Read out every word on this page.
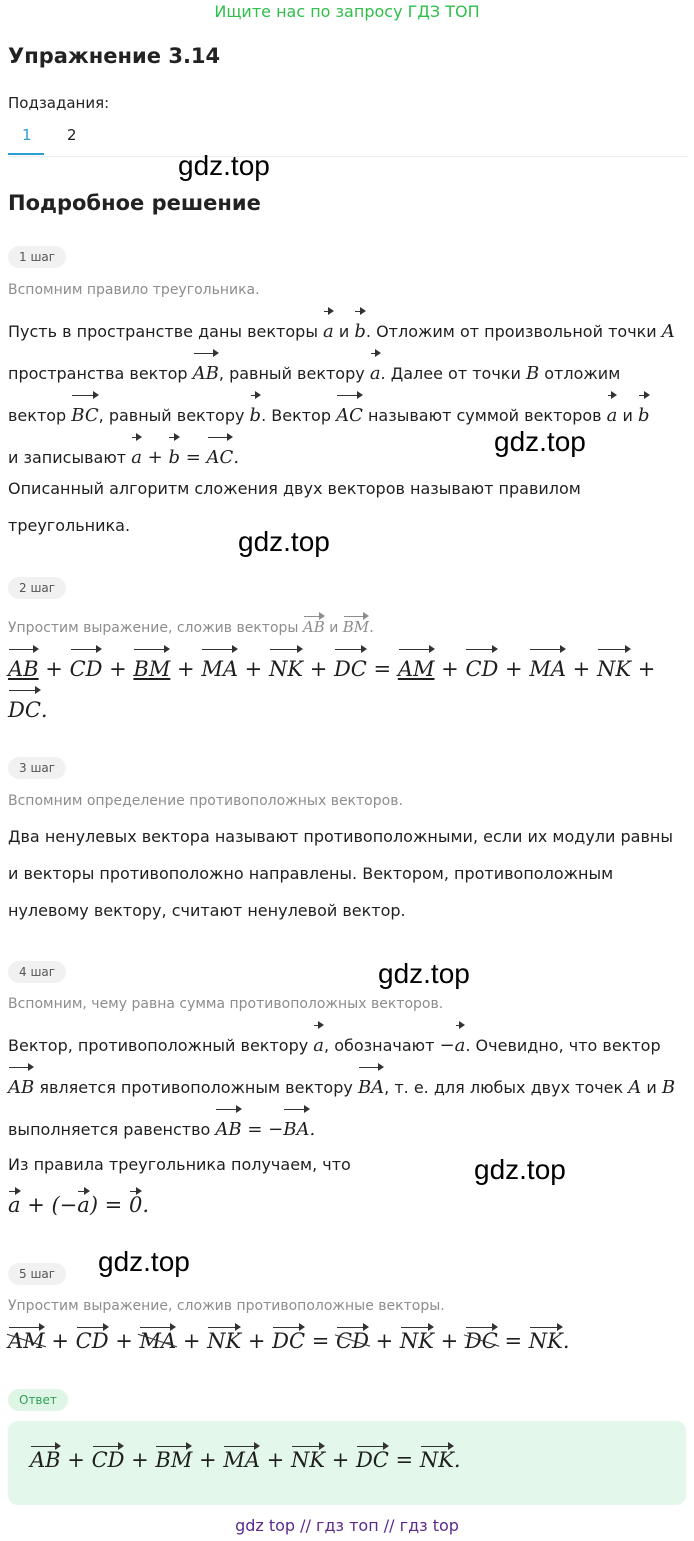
Ищите нас по запросу ГДЗ ТОП
Упражнение 3.14
Подзадания:
1 2
gdz.top
Подробное решение
1 шаг
Вспомним правило треугольника.
Пусть в пространстве даны векторы a и b. Отложим от произвольной точки A
пространства вектор AB, равный вектору a. Далее от точки B отложим
вектор BC, равный вектору b. Вектор AC называют суммой векторов a и b
и записывают a + b = AC.
gdz.top
Описанный алгоритм сложения двух векторов называют правилом
треугольника.
gdz.top
2 шаг
Упростим выражение, сложив векторы AB и BM.
AB + CD + BM + MA + NK + DC = AM + CD + MA + NK +
DC.
3 шаг
Вспомним определение противоположных векторов.
Два ненулевых вектора называют противоположными, если их модули равны
и векторы противоположно направлены. Вектором, противоположным
нулевому вектору, считают ненулевой вектор.
4 шаг	gdz.top
Вспомним, чему равна сумма противоположных векторов.
Вектор, противоположный вектору a, обозначают −a. Очевидно, что вектор
AB является противоположным вектору BA, т. е. для любых двух точек A и B
выполняется равенство AB = −BA.
Из правила треугольника получаем, что	gdz.top
a + (−a) = 0.
gdz.top
5 шаг
Упростим выражение, сложив противоположные векторы.
AM + CD + MA + NK + DC = CD + NK + DC = NK.
Ответ
AB + CD + BM + MA + NK + DC = NK.
gdz top // гдз топ // гдз top
